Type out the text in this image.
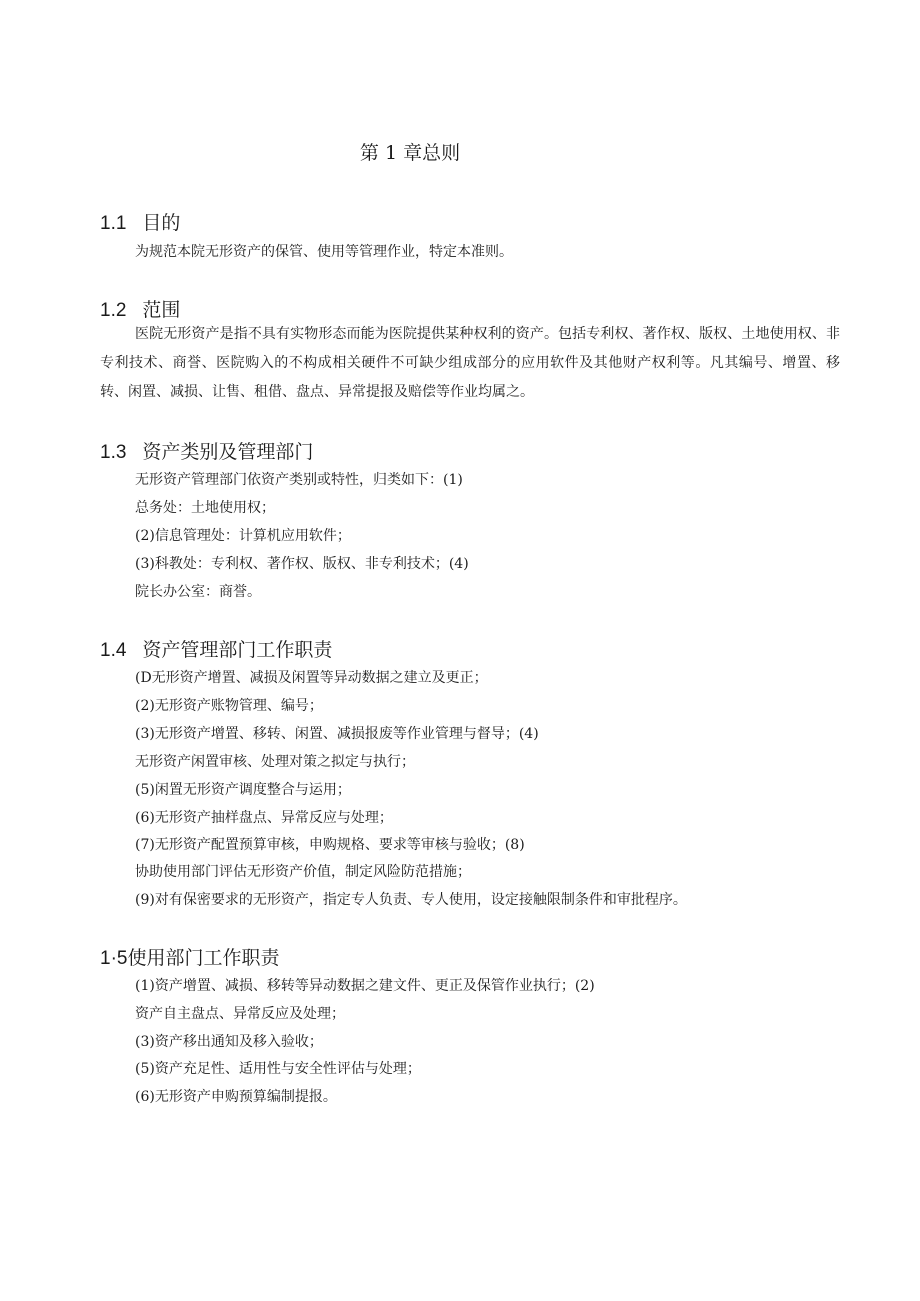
第 1 章总则
1.1 目的
为规范本院无形资产的保管、使用等管理作业，特定本准则。
1.2 范围
医院无形资产是指不具有实物形态而能为医院提供某种权利的资产。包括专利权、著作权、版权、土地使用权、非专利技术、商誉、医院购入的不构成相关硬件不可缺少组成部分的应用软件及其他财产权利等。凡其编号、增置、移转、闲置、减损、让售、租借、盘点、异常提报及赔偿等作业均属之。
1.3 资产类别及管理部门
无形资产管理部门依资产类别或特性，归类如下：(1)
总务处：土地使用权；
(2)信息管理处：计算机应用软件；
(3)科教处：专利权、著作权、版权、非专利技术；(4)
院长办公室：商誉。
1.4 资产管理部门工作职责
(D无形资产增置、减损及闲置等异动数据之建立及更正；
(2)无形资产账物管理、编号；
(3)无形资产增置、移转、闲置、减损报废等作业管理与督导；(4)
无形资产闲置审核、处理对策之拟定与执行；
(5)闲置无形资产调度整合与运用；
(6)无形资产抽样盘点、异常反应与处理；
(7)无形资产配置预算审核，申购规格、要求等审核与验收；(8)
协助使用部门评估无形资产价值，制定风险防范措施；
(9)对有保密要求的无形资产，指定专人负责、专人使用，设定接触限制条件和审批程序。
1·5使用部门工作职责
(1)资产增置、减损、移转等异动数据之建文件、更正及保管作业执行；(2)
资产自主盘点、异常反应及处理；
(3)资产移出通知及移入验收；
(5)资产充足性、适用性与安全性评估与处理；
(6)无形资产申购预算编制提报。
